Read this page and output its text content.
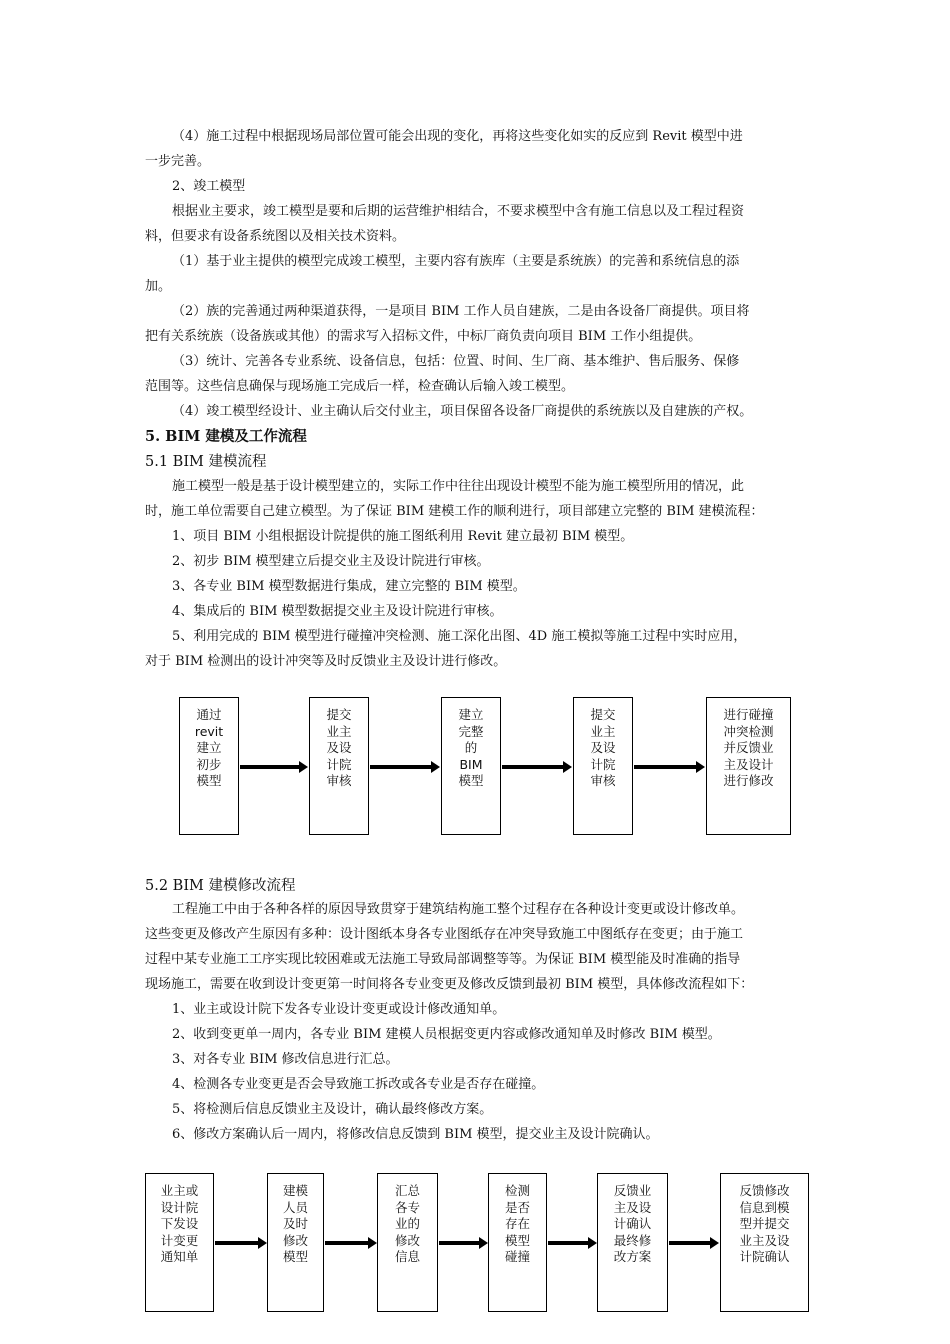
（4）施工过程中根据现场局部位置可能会出现的变化，再将这些变化如实的反应到 Revit 模型中进
一步完善。
2、竣工模型
根据业主要求，竣工模型是要和后期的运营维护相结合，不要求模型中含有施工信息以及工程过程资
料，但要求有设备系统图以及相关技术资料。
（1）基于业主提供的模型完成竣工模型，主要内容有族库（主要是系统族）的完善和系统信息的添
加。
（2）族的完善通过两种渠道获得，一是项目 BIM 工作人员自建族，二是由各设备厂商提供。项目将
把有关系统族（设备族或其他）的需求写入招标文件，中标厂商负责向项目 BIM 工作小组提供。
（3）统计、完善各专业系统、设备信息，包括：位置、时间、生厂商、基本维护、售后服务、保修
范围等。这些信息确保与现场施工完成后一样，检查确认后输入竣工模型。
（4）竣工模型经设计、业主确认后交付业主，项目保留各设备厂商提供的系统族以及自建族的产权。
5. BIM 建模及工作流程
5.1 BIM 建模流程
施工模型一般是基于设计模型建立的，实际工作中往往出现设计模型不能为施工模型所用的情况，此
时，施工单位需要自己建立模型。为了保证 BIM 建模工作的顺利进行，项目部建立完整的 BIM 建模流程：
1、项目 BIM 小组根据设计院提供的施工图纸利用 Revit 建立最初 BIM 模型。
2、初步 BIM 模型建立后提交业主及设计院进行审核。
3、各专业 BIM 模型数据进行集成，建立完整的 BIM 模型。
4、集成后的 BIM 模型数据提交业主及设计院进行审核。
5、利用完成的 BIM 模型进行碰撞冲突检测、施工深化出图、4D 施工模拟等施工过程中实时应用，
对于 BIM 检测出的设计冲突等及时反馈业主及设计进行修改。
5.2 BIM 建模修改流程
工程施工中由于各种各样的原因导致贯穿于建筑结构施工整个过程存在各种设计变更或设计修改单。
这些变更及修改产生原因有多种：设计图纸本身各专业图纸存在冲突导致施工中图纸存在变更；由于施工
过程中某专业施工工序实现比较困难或无法施工导致局部调整等等。为保证 BIM 模型能及时准确的指导
现场施工，需要在收到设计变更第一时间将各专业变更及修改反馈到最初 BIM 模型，具体修改流程如下：
1、业主或设计院下发各专业设计变更或设计修改通知单。
2、收到变更单一周内，各专业 BIM 建模人员根据变更内容或修改通知单及时修改 BIM 模型。
3、对各专业 BIM 修改信息进行汇总。
4、检测各专业变更是否会导致施工拆改或各专业是否存在碰撞。
5、将检测后信息反馈业主及设计，确认最终修改方案。
6、修改方案确认后一周内，将修改信息反馈到 BIM 模型，提交业主及设计院确认。
通过
revit
建立
初步
模型
提交
业主
及设
计院
审核
建立
完整
的
BIM
模型
提交
业主
及设
计院
审核
进行碰撞
冲突检测
并反馈业
主及设计
进行修改
业主或
设计院
下发设
计变更
通知单
建模
人员
及时
修改
模型
汇总
各专
业的
修改
信息
检测
是否
存在
模型
碰撞
反馈业
主及设
计确认
最终修
改方案
反馈修改
信息到模
型并提交
业主及设
计院确认
